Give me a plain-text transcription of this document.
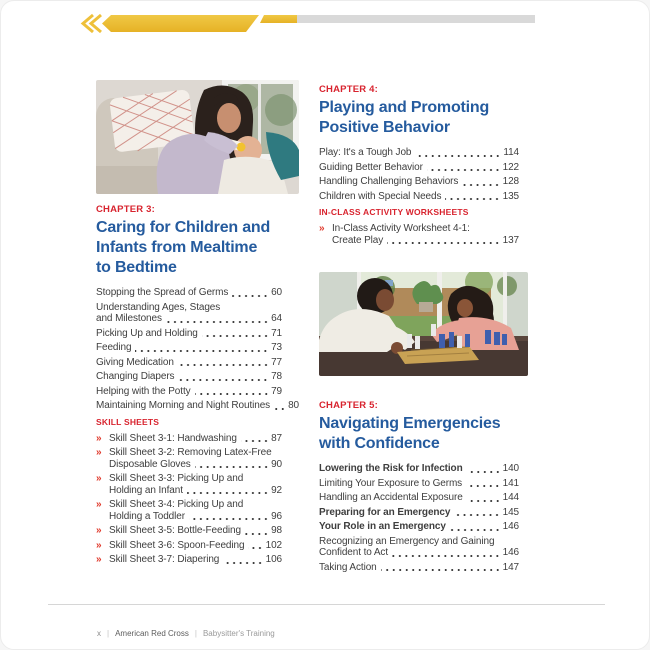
CHAPTER 3:
Caring for Children and
Infants from Mealtime
to Bedtime
Stopping the Spread of Germs	60
Understanding Ages, Stages
and Milestones	64
Picking Up and Holding	71
Feeding	73
Giving Medication	77
Changing Diapers	78
Helping with the Potty	79
Maintaining Morning and Night Routines 80
SKILL SHEETS
» Skill Sheet 3-1: Handwashing	87
» Skill Sheet 3-2: Removing Latex-Free
Disposable Gloves	90
» Skill Sheet 3-3: Picking Up and
Holding an Infant	92
» Skill Sheet 3-4: Picking Up and
Holding a Toddler	96
» Skill Sheet 3-5: Bottle-Feeding	98
» Skill Sheet 3-6: Spoon-Feeding 102
» Skill Sheet 3-7: Diapering	106
CHAPTER 4:
Playing and Promoting
Positive Behavior
Play: It's a Tough Job	114
Guiding Better Behavior	122
Handling Challenging Behaviors	128
Children with Special Needs	135
IN-CLASS ACTIVITY WORKSHEETS
» In-Class Activity Worksheet 4-1:
Create Play	137
CHAPTER 5:
Navigating Emergencies
with Confidence
Lowering the Risk for Infection	140
Limiting Your Exposure to Germs	141
Handling an Accidental Exposure	144
Preparing for an Emergency	145
Your Role in an Emergency	146
Recognizing an Emergency and Gaining
Confident to Act	146
Taking Action	147
x | American Red Cross | Babysitter's Training
